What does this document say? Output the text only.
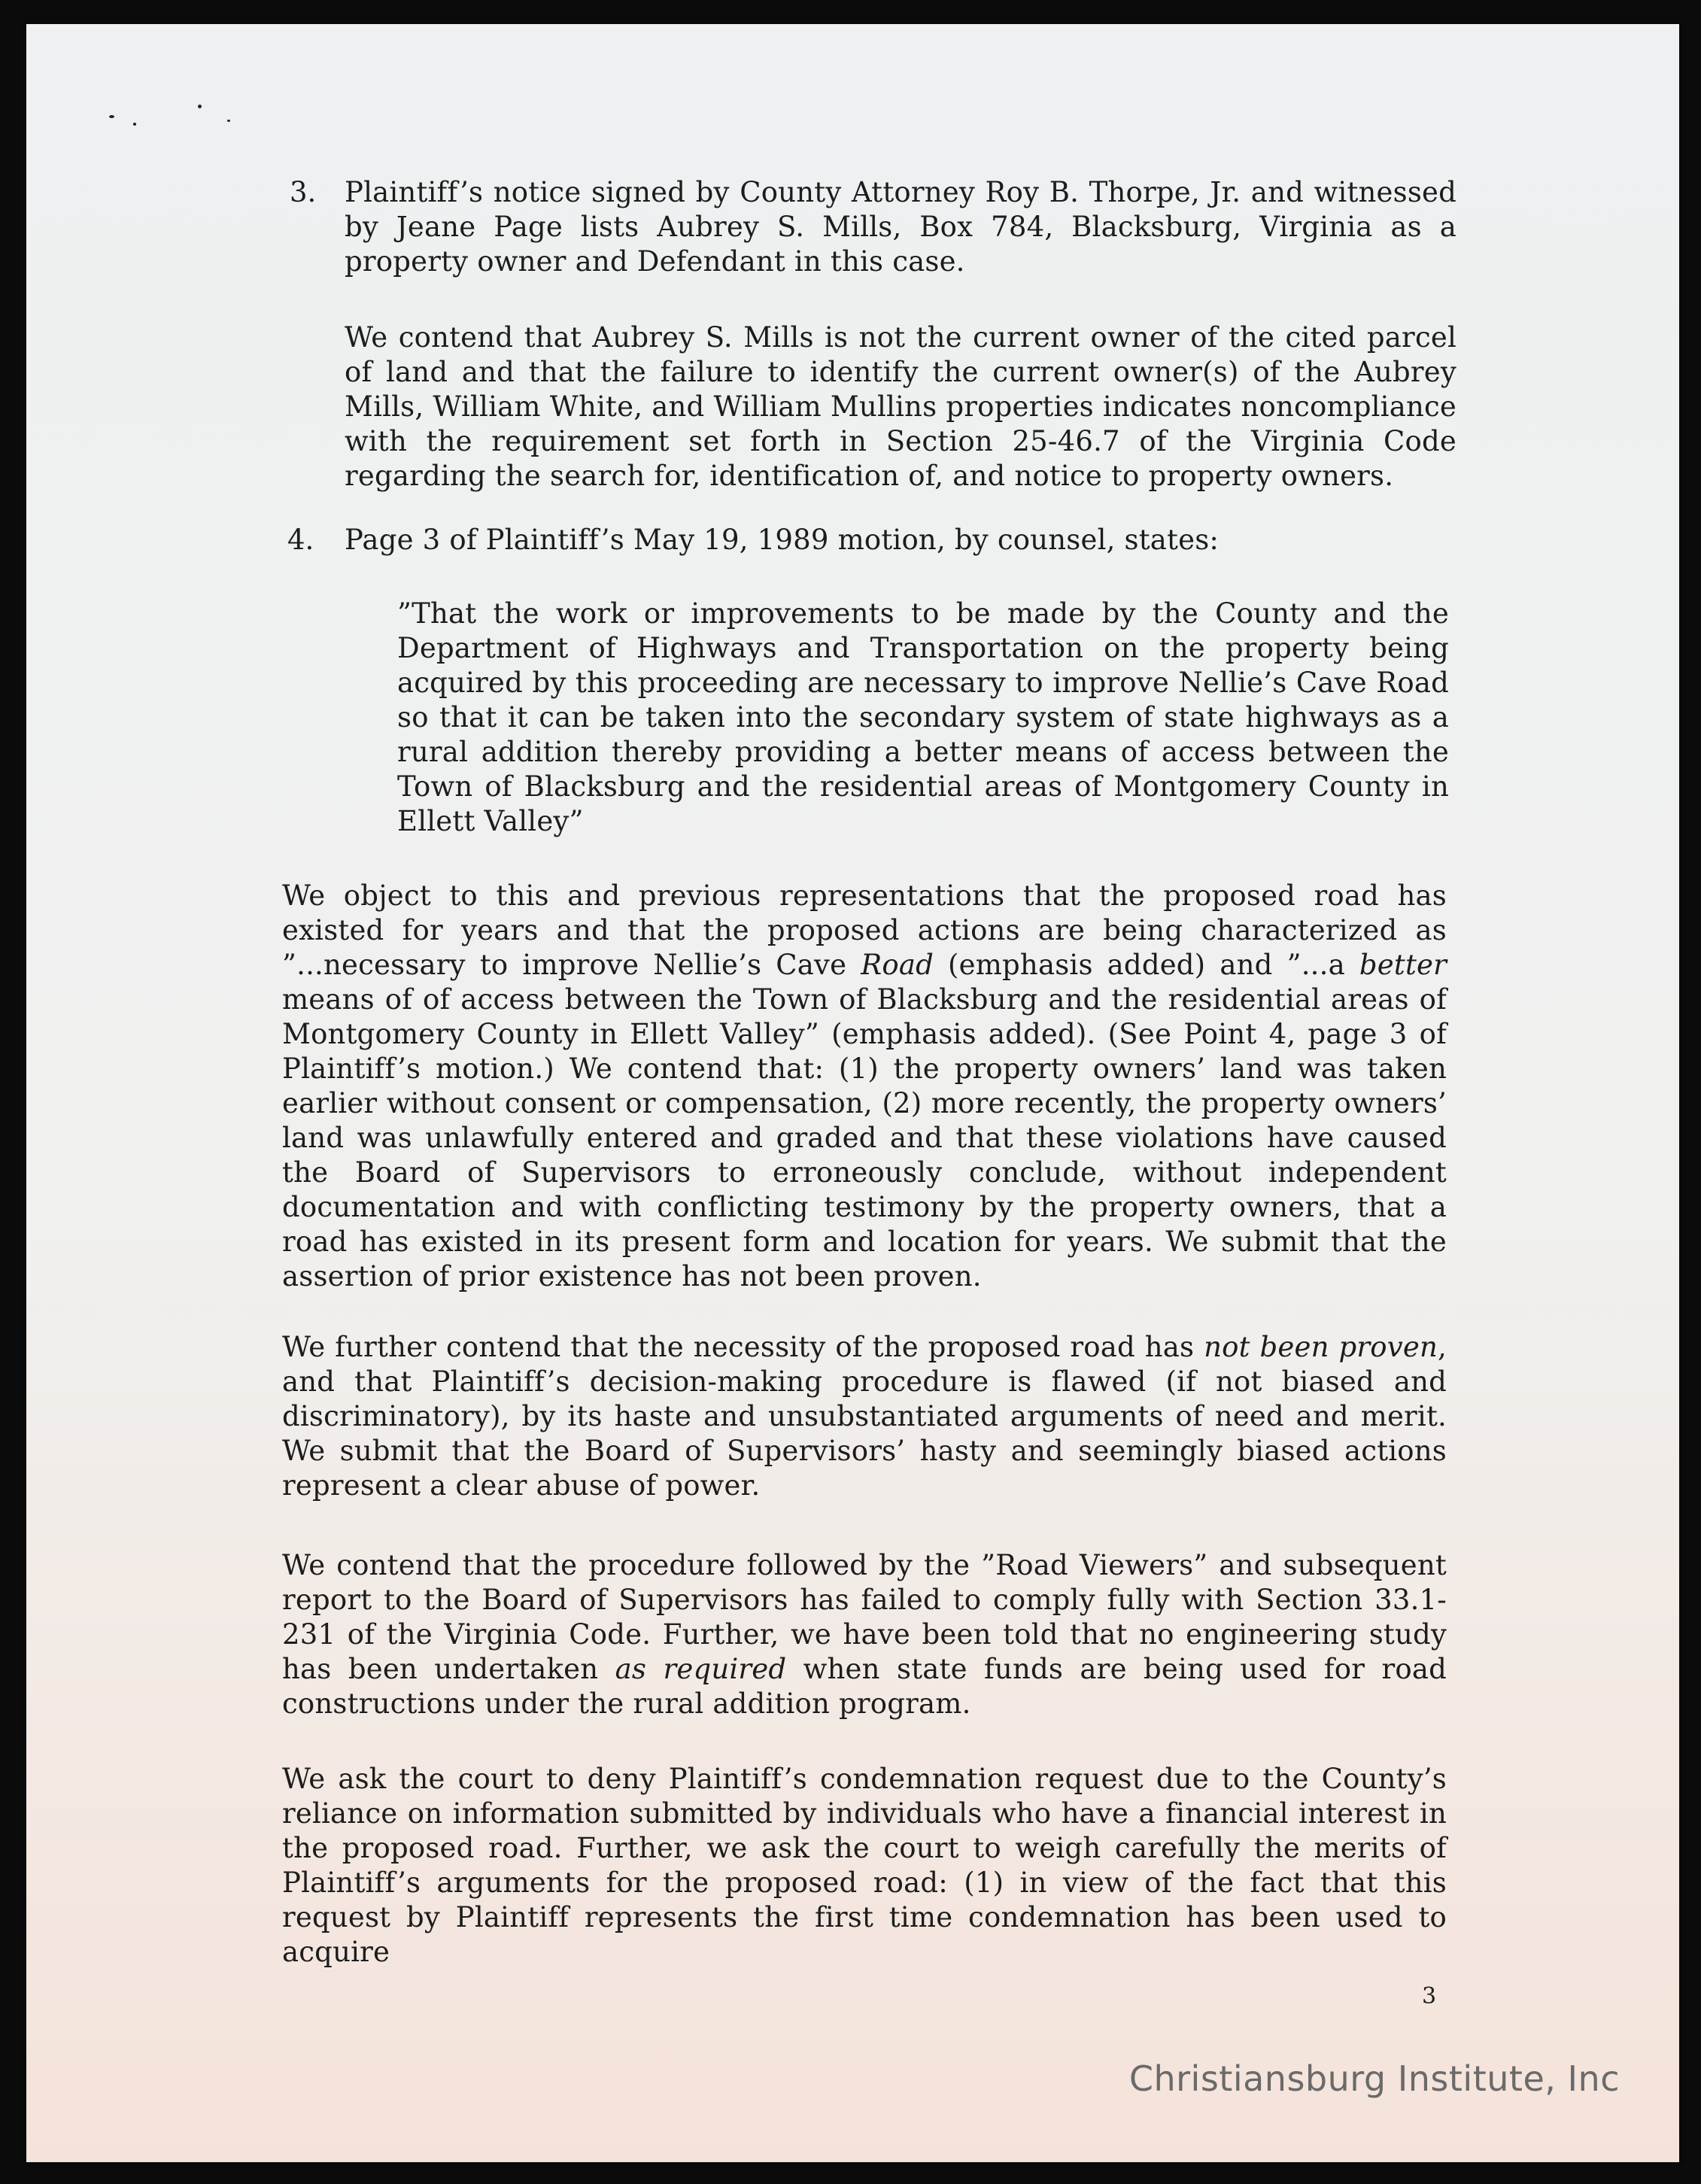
3. Plaintiff’s notice signed by County Attorney Roy B. Thorpe, Jr. and witnessed by Jeane Page lists Aubrey S. Mills, Box 784, Blacksburg, Virginia as a property owner and Defendant in this case.
We contend that Aubrey S. Mills is not the current owner of the cited parcel of land and that the failure to identify the current owner(s) of the Aubrey Mills, William White, and William Mullins properties indicates noncompliance with the requirement set forth in Section 25-46.7 of the Virginia Code regarding the search for, identification of, and notice to property owners.
4. Page 3 of Plaintiff’s May 19, 1989 motion, by counsel, states:
”That the work or improvements to be made by the County and the Department of Highways and Transportation on the property being acquired by this proceeding are necessary to improve Nellie’s Cave Road so that it can be taken into the secondary system of state highways as a rural addition thereby providing a better means of access between the Town of Blacksburg and the residential areas of Montgomery County in Ellett Valley”
We object to this and previous representations that the proposed road has existed for years and that the proposed actions are being characterized as ”...necessary to improve Nellie’s Cave Road (emphasis added) and ”...a better means of of access between the Town of Blacksburg and the residential areas of Montgomery County in Ellett Valley” (emphasis added). (See Point 4, page 3 of Plaintiff’s motion.) We contend that: (1) the property owners’ land was taken earlier without consent or compensation, (2) more recently, the property owners’ land was unlawfully entered and graded and that these violations have caused the Board of Supervisors to erroneously conclude, without independent documentation and with conflicting testimony by the property owners, that a road has existed in its present form and location for years. We submit that the assertion of prior existence has not been proven.
We further contend that the necessity of the proposed road has not been proven, and that Plaintiff’s decision-making procedure is flawed (if not biased and discriminatory), by its haste and unsubstantiated arguments of need and merit. We submit that the Board of Supervisors’ hasty and seemingly biased actions represent a clear abuse of power.
We contend that the procedure followed by the ”Road Viewers” and subsequent report to the Board of Supervisors has failed to comply fully with Section 33.1-231 of the Virginia Code. Further, we have been told that no engineering study has been undertaken as required when state funds are being used for road constructions under the rural addition program.
We ask the court to deny Plaintiff’s condemnation request due to the County’s reliance on information submitted by individuals who have a financial interest in the proposed road. Further, we ask the court to weigh carefully the merits of Plaintiff’s arguments for the proposed road: (1) in view of the fact that this request by Plaintiff represents the first time condemnation has been used to acquire
3
Christiansburg Institute, Inc
